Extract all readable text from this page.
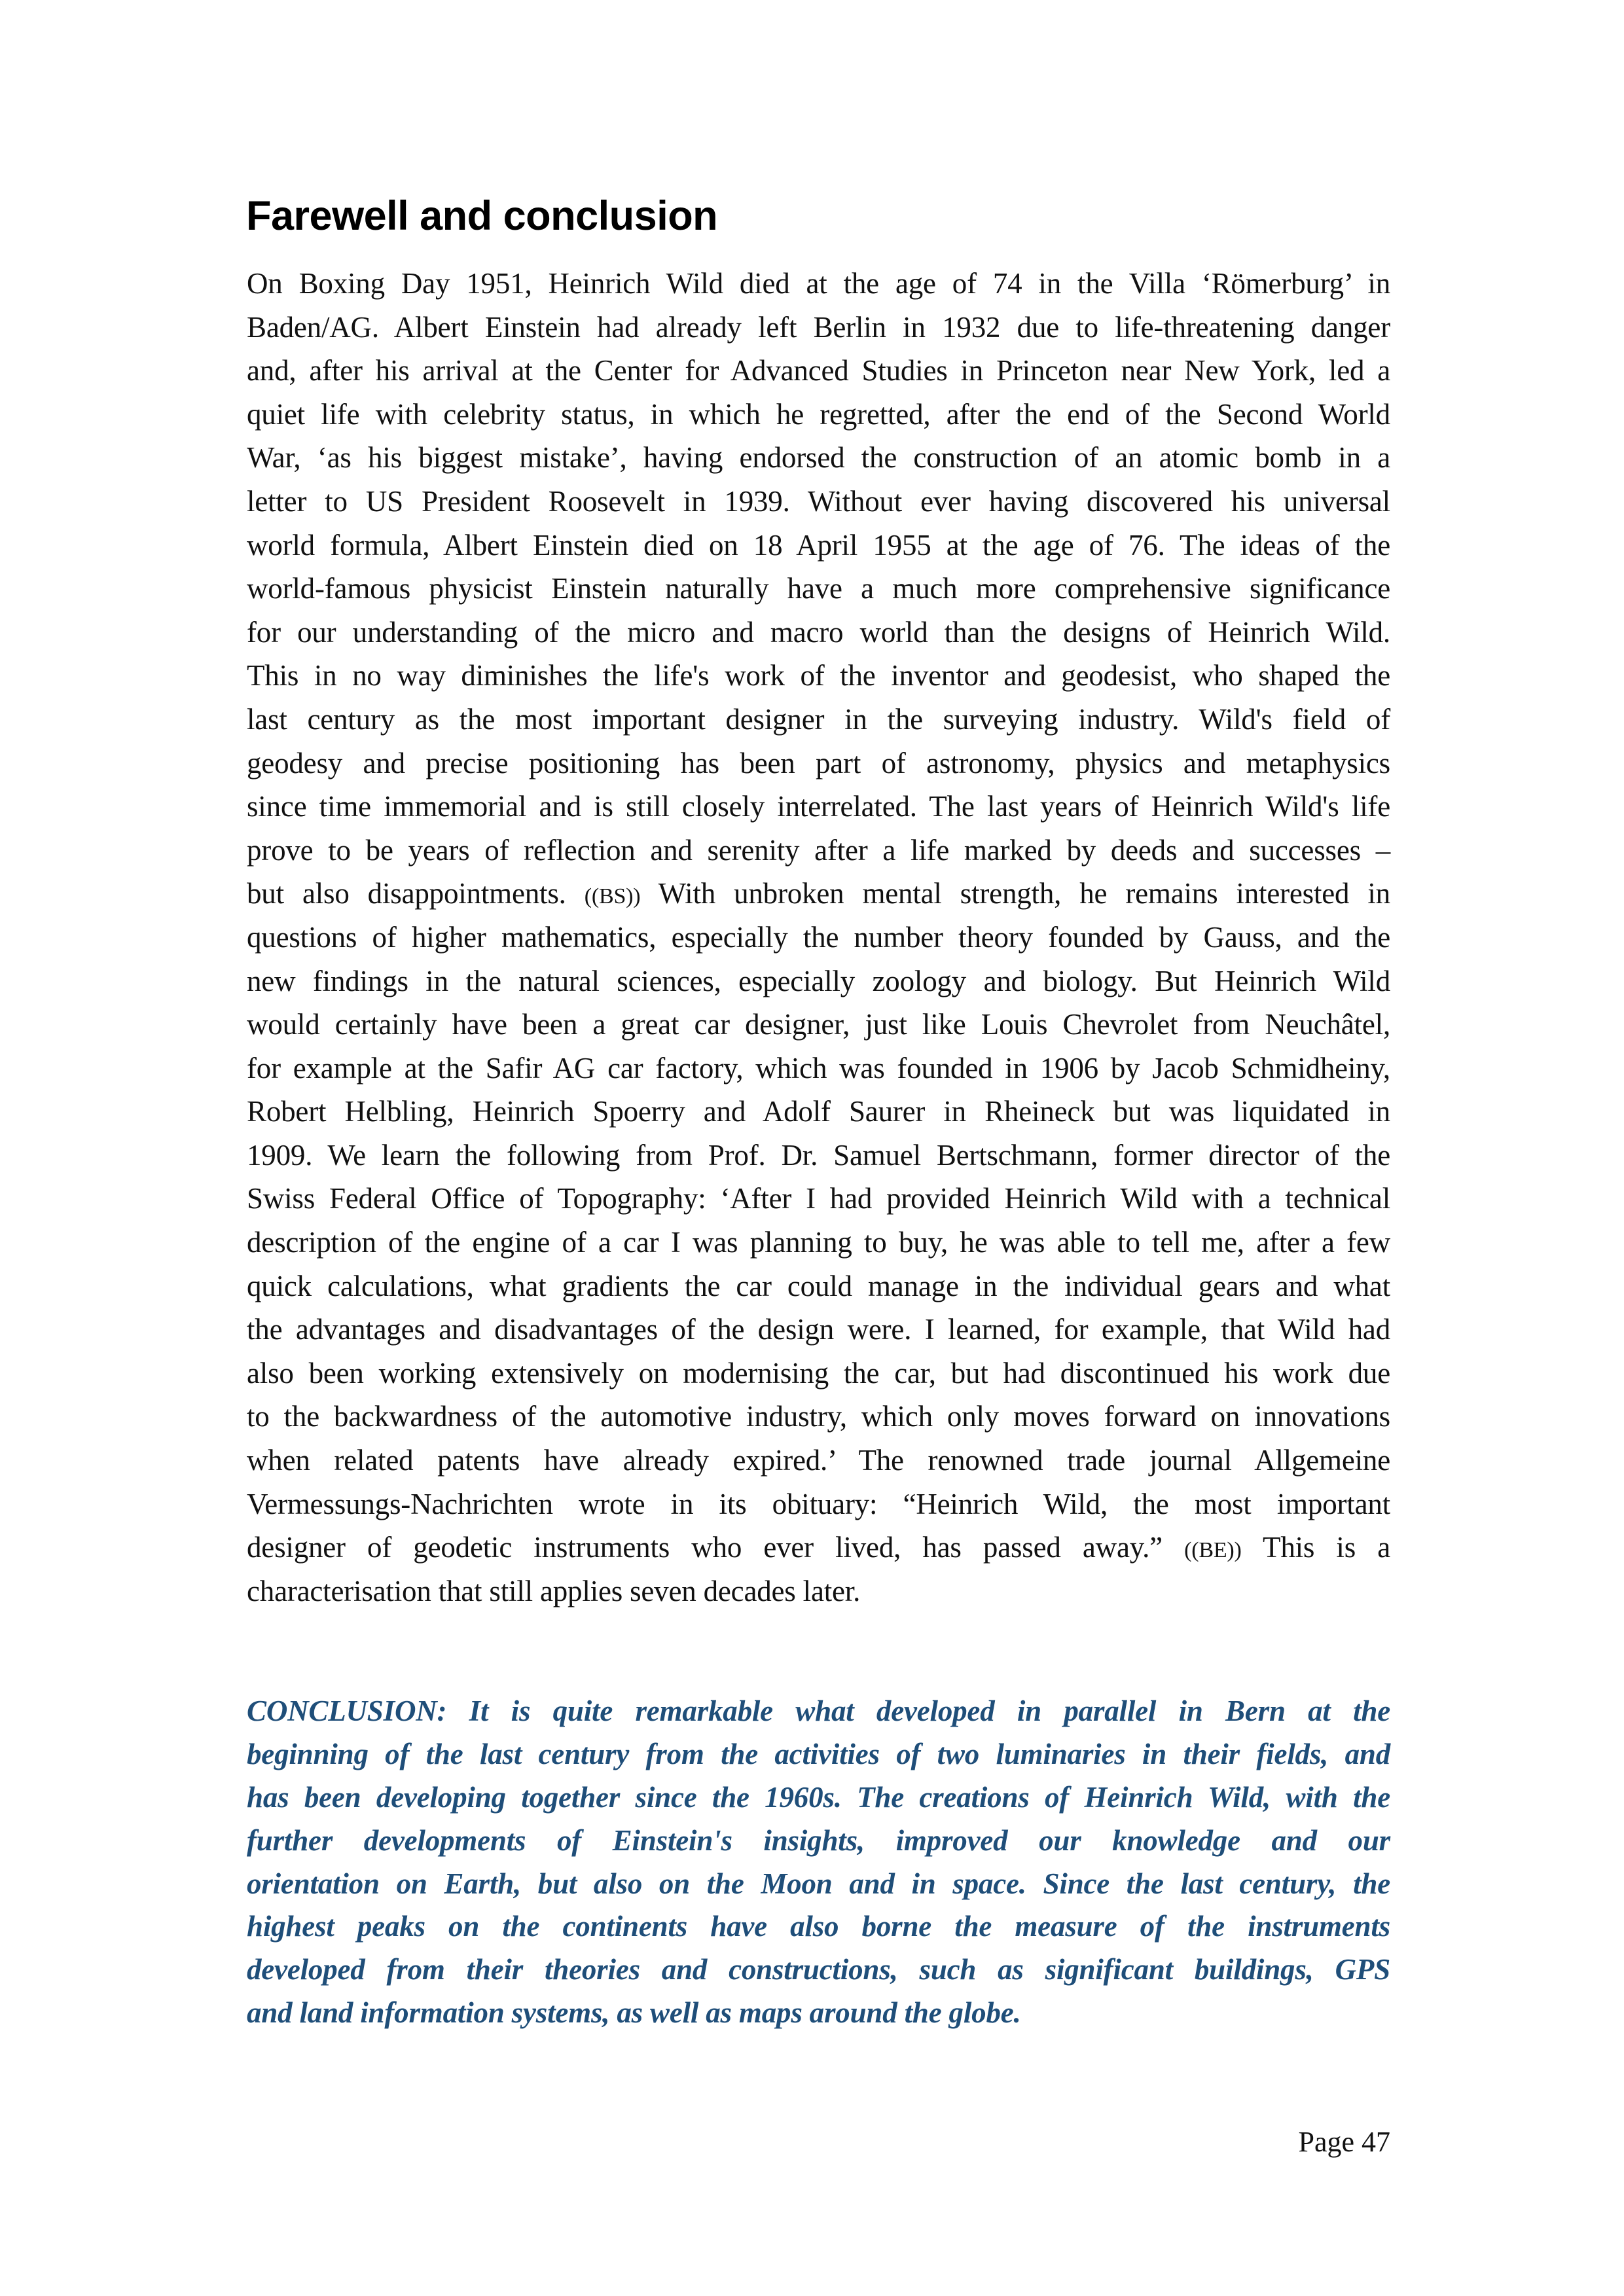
Farewell and conclusion
On Boxing Day 1951, Heinrich Wild died at the age of 74 in the Villa ‘Römerburg’ in
Baden/AG. Albert Einstein had already left Berlin in 1932 due to life-threatening danger
and, after his arrival at the Center for Advanced Studies in Princeton near New York, led a
quiet life with celebrity status, in which he regretted, after the end of the Second World
War, ‘as his biggest mistake’, having endorsed the construction of an atomic bomb in a
letter to US President Roosevelt in 1939. Without ever having discovered his universal
world formula, Albert Einstein died on 18 April 1955 at the age of 76. The ideas of the
world-famous physicist Einstein naturally have a much more comprehensive significance
for our understanding of the micro and macro world than the designs of Heinrich Wild.
This in no way diminishes the life's work of the inventor and geodesist, who shaped the
last century as the most important designer in the surveying industry. Wild's field of
geodesy and precise positioning has been part of astronomy, physics and metaphysics
since time immemorial and is still closely interrelated. The last years of Heinrich Wild's life
prove to be years of reflection and serenity after a life marked by deeds and successes –
but also disappointments. ((BS)) With unbroken mental strength, he remains interested in
questions of higher mathematics, especially the number theory founded by Gauss, and the
new findings in the natural sciences, especially zoology and biology. But Heinrich Wild
would certainly have been a great car designer, just like Louis Chevrolet from Neuchâtel,
for example at the Safir AG car factory, which was founded in 1906 by Jacob Schmidheiny,
Robert Helbling, Heinrich Spoerry and Adolf Saurer in Rheineck but was liquidated in
1909. We learn the following from Prof. Dr. Samuel Bertschmann, former director of the
Swiss Federal Office of Topography: ‘After I had provided Heinrich Wild with a technical
description of the engine of a car I was planning to buy, he was able to tell me, after a few
quick calculations, what gradients the car could manage in the individual gears and what
the advantages and disadvantages of the design were. I learned, for example, that Wild had
also been working extensively on modernising the car, but had discontinued his work due
to the backwardness of the automotive industry, which only moves forward on innovations
when related patents have already expired.’ The renowned trade journal Allgemeine
Vermessungs-Nachrichten wrote in its obituary: “Heinrich Wild, the most important
designer of geodetic instruments who ever lived, has passed away.” ((BE)) This is a
characterisation that still applies seven decades later.
CONCLUSION: It is quite remarkable what developed in parallel in Bern at the
beginning of the last century from the activities of two luminaries in their fields, and
has been developing together since the 1960s. The creations of Heinrich Wild, with the
further developments of Einstein's insights, improved our knowledge and our
orientation on Earth, but also on the Moon and in space. Since the last century, the
highest peaks on the continents have also borne the measure of the instruments
developed from their theories and constructions, such as significant buildings, GPS
and land information systems, as well as maps around the globe.
Page 47
